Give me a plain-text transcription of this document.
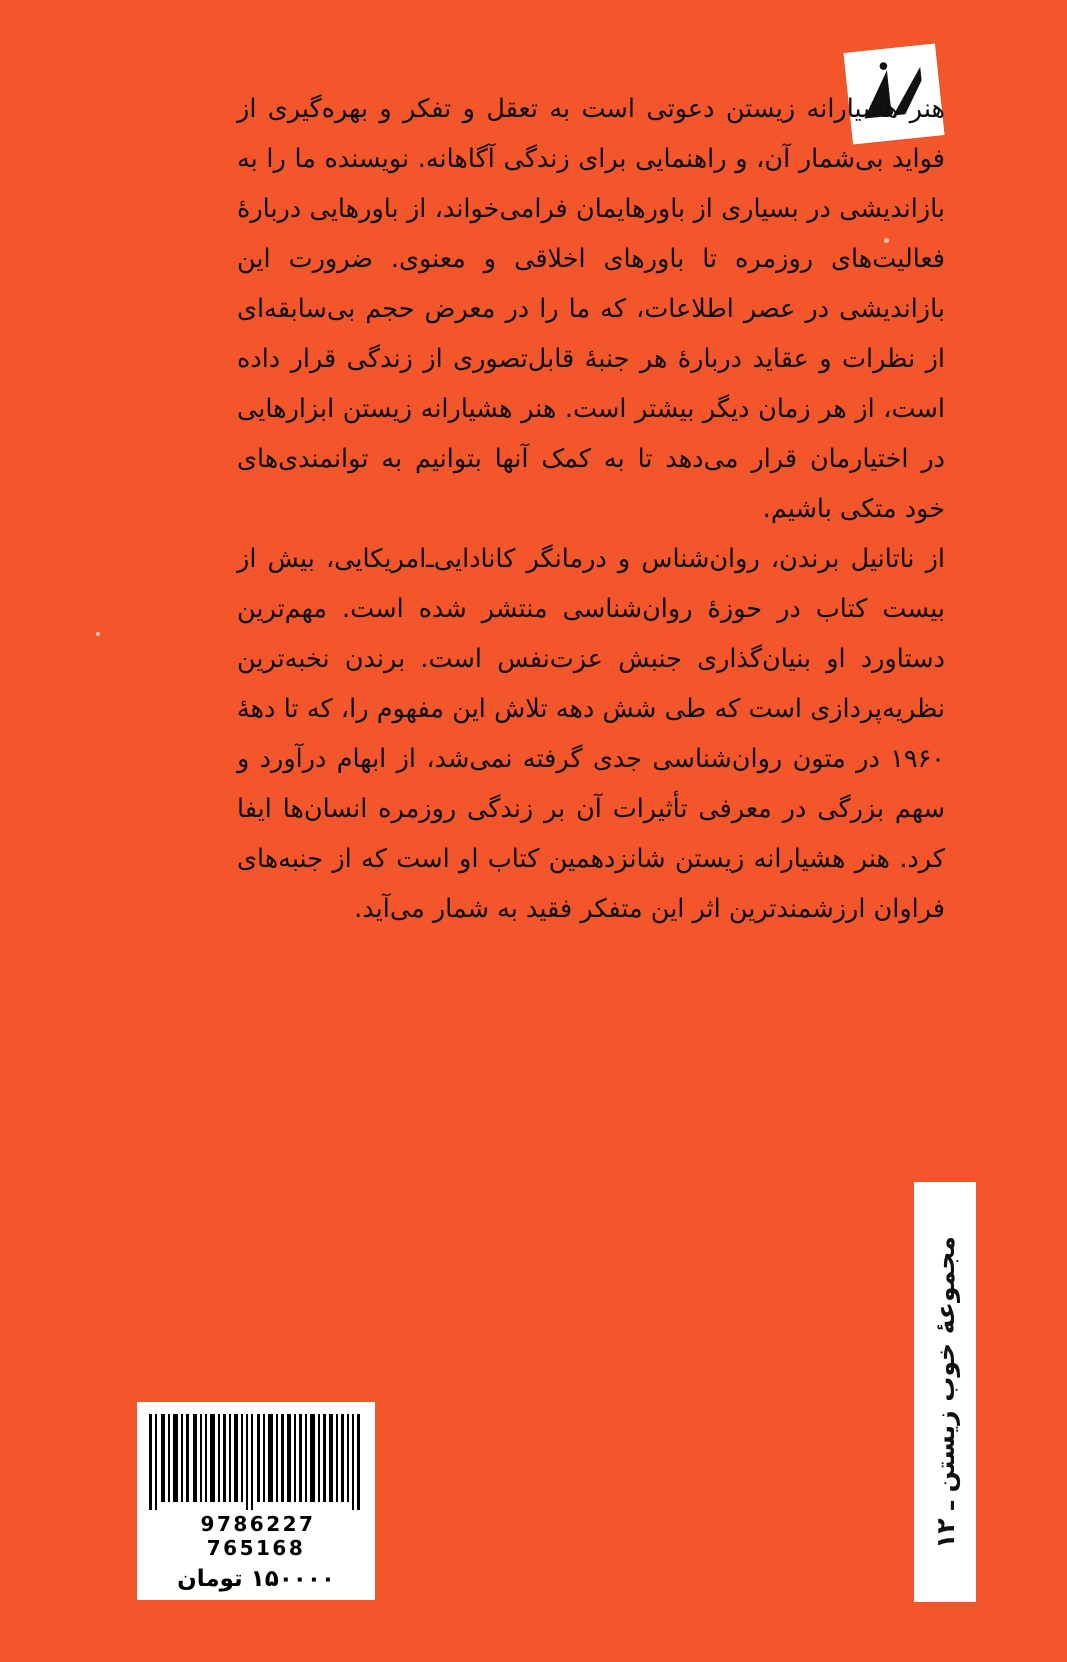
هنر هشیارانه زیستن دعوتی است به تعقل و تفکر و بهره‌گیری از فواید بی‌شمار آن، و راهنمایی برای زندگی آگاهانه. نویسنده ما را به بازاندیشی در بسیاری از باورهایمان فرامی‌خواند، از باورهایی دربارهٔ فعالیت‌های روزمره تا باورهای اخلاقی و معنوی. ضرورت این بازاندیشی در عصر اطلاعات، که ما را در معرض حجم بی‌سابقه‌ای از نظرات و عقاید دربارهٔ هر جنبهٔ قابل‌تصوری از زندگی قرار داده است، از هر زمان دیگر بیشتر است. هنر هشیارانه زیستن ابزارهایی در اختیارمان قرار می‌دهد تا به کمک آنها بتوانیم به توانمندی‌های خود متکی باشیم.

از ناتانیل برندن، روان‌شناس و درمانگر کانادایی‌ـ‌امریکایی، بیش از بیست کتاب در حوزهٔ روان‌شناسی منتشر شده است. مهم‌ترین دستاورد او بنیان‌گذاری جنبش عزت‌نفس است. برندن نخبه‌ترین نظریه‌پردازی است که طی شش دهه تلاش این مفهوم را، که تا دههٔ ۱۹۶۰ در متون روان‌شناسی جدی گرفته نمی‌شد، از ابهام درآورد و سهم بزرگی در معرفی تأثیرات آن بر زندگی روزمره انسان‌ها ایفا کرد. هنر هشیارانه زیستن شانزدهمین کتاب او است که از جنبه‌های فراوان ارزشمندترین اثر این متفکر فقید به شمار می‌آید.

مجموعهٔ خوب زیستن ـ ۱۲
9786227 765168
۱۵۰۰۰۰ تومان
